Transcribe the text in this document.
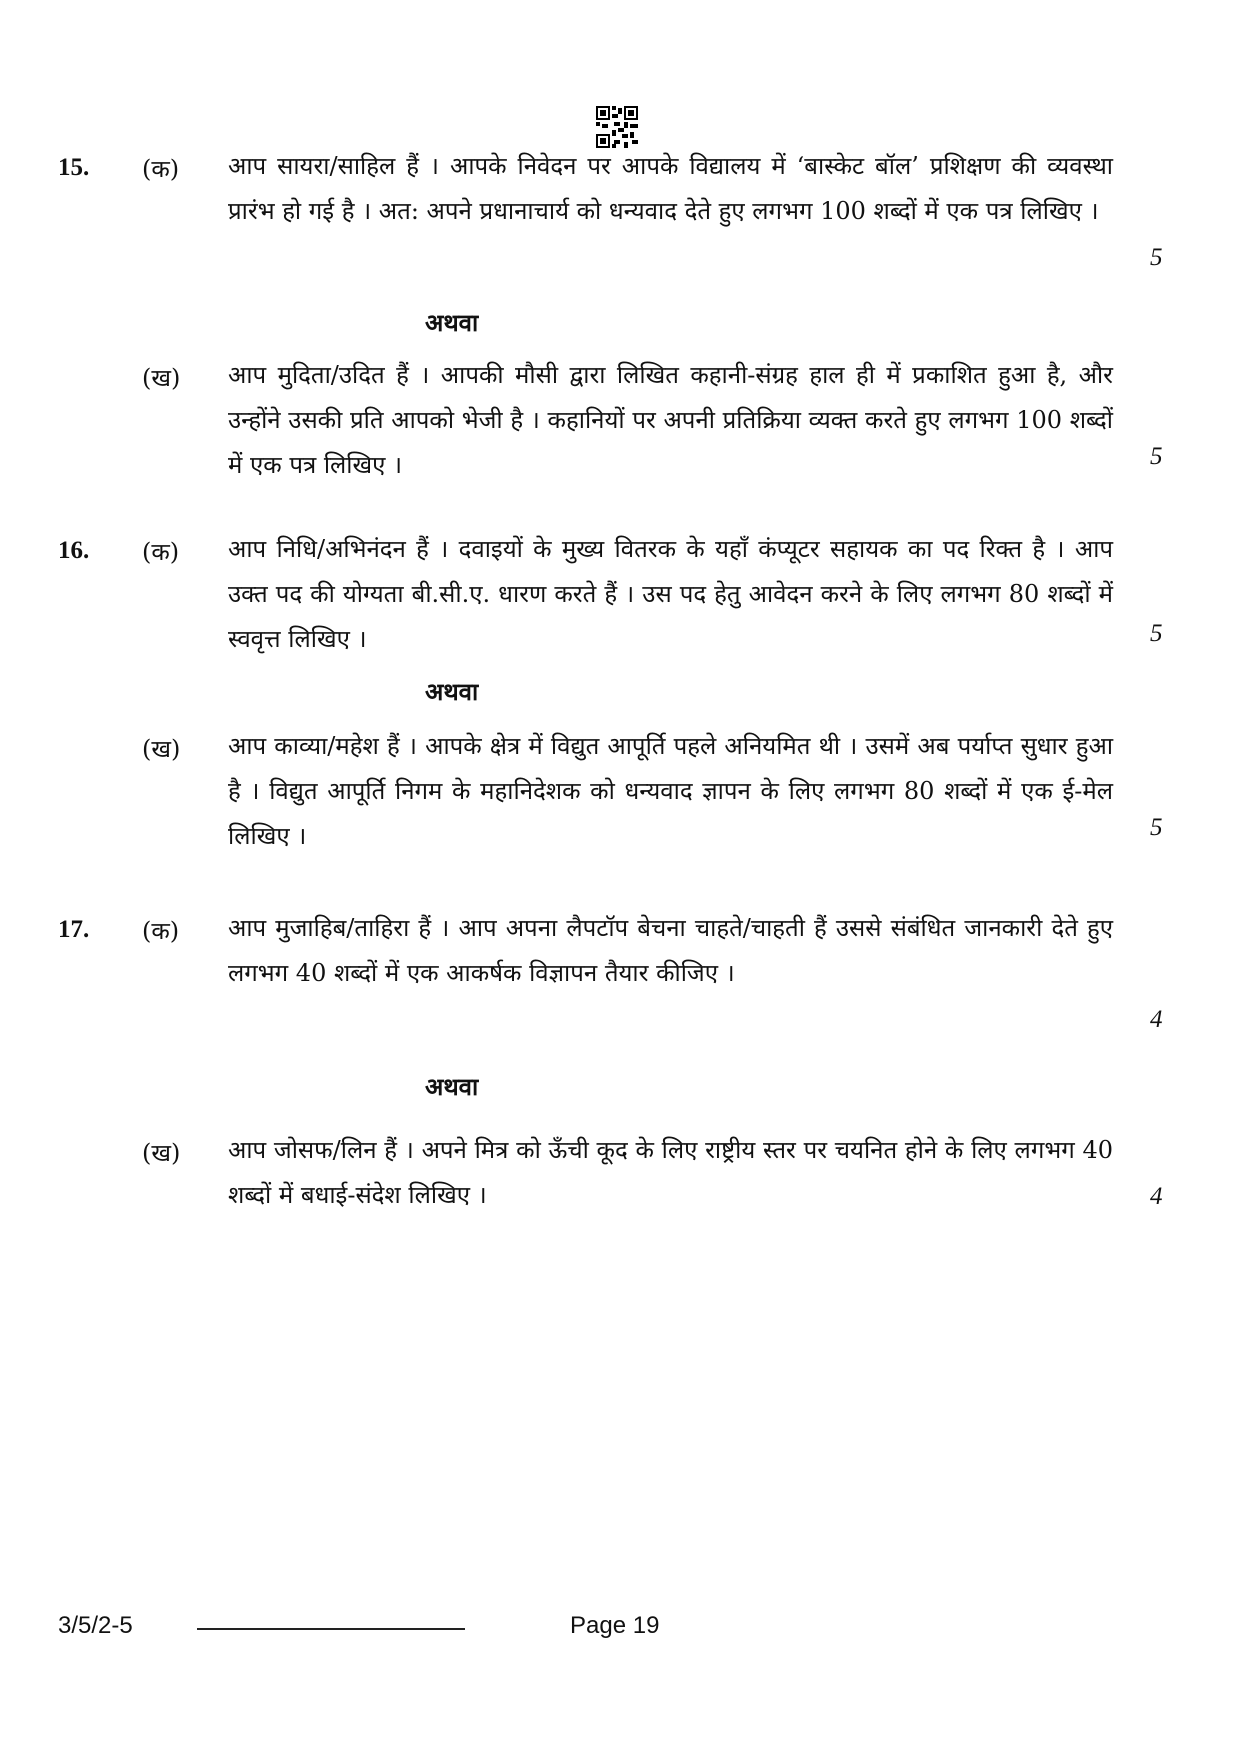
15. (क) आप सायरा/साहिल हैं । आपके निवेदन पर आपके विद्यालय में ‘बास्केट बॉल’ प्रशिक्षण की व्यवस्था प्रारंभ हो गई है । अत: अपने प्रधानाचार्य को धन्यवाद देते हुए लगभग 100 शब्दों में एक पत्र लिखिए ।
5
अथवा
(ख) आप मुदिता/उदित हैं । आपकी मौसी द्वारा लिखित कहानी-संग्रह हाल ही में प्रकाशित हुआ है, और उन्होंने उसकी प्रति आपको भेजी है । कहानियों पर अपनी प्रतिक्रिया व्यक्त करते हुए लगभग 100 शब्दों में एक पत्र लिखिए ।	5
16. (क) आप निधि/अभिनंदन हैं । दवाइयों के मुख्य वितरक के यहाँ कंप्यूटर सहायक का पद रिक्त है । आप उक्त पद की योग्यता बी.सी.ए. धारण करते हैं । उस पद हेतु आवेदन करने के लिए लगभग 80 शब्दों में स्ववृत्त लिखिए ।	5
अथवा
(ख) आप काव्या/महेश हैं । आपके क्षेत्र में विद्युत आपूर्ति पहले अनियमित थी । उसमें अब पर्याप्त सुधार हुआ है । विद्युत आपूर्ति निगम के महानिदेशक को धन्यवाद ज्ञापन के लिए लगभग 80 शब्दों में एक ई-मेल लिखिए ।	5
17. (क) आप मुजाहिब/ताहिरा हैं । आप अपना लैपटॉप बेचना चाहते/चाहती हैं उससे संबंधित जानकारी देते हुए लगभग 40 शब्दों में एक आकर्षक विज्ञापन तैयार कीजिए ।
4
अथवा
(ख) आप जोसफ/लिन हैं । अपने मित्र को ऊँची कूद के लिए राष्ट्रीय स्तर पर चयनित होने के लिए लगभग 40 शब्दों में बधाई-संदेश लिखिए ।	4
3/5/2-5	Page 19
